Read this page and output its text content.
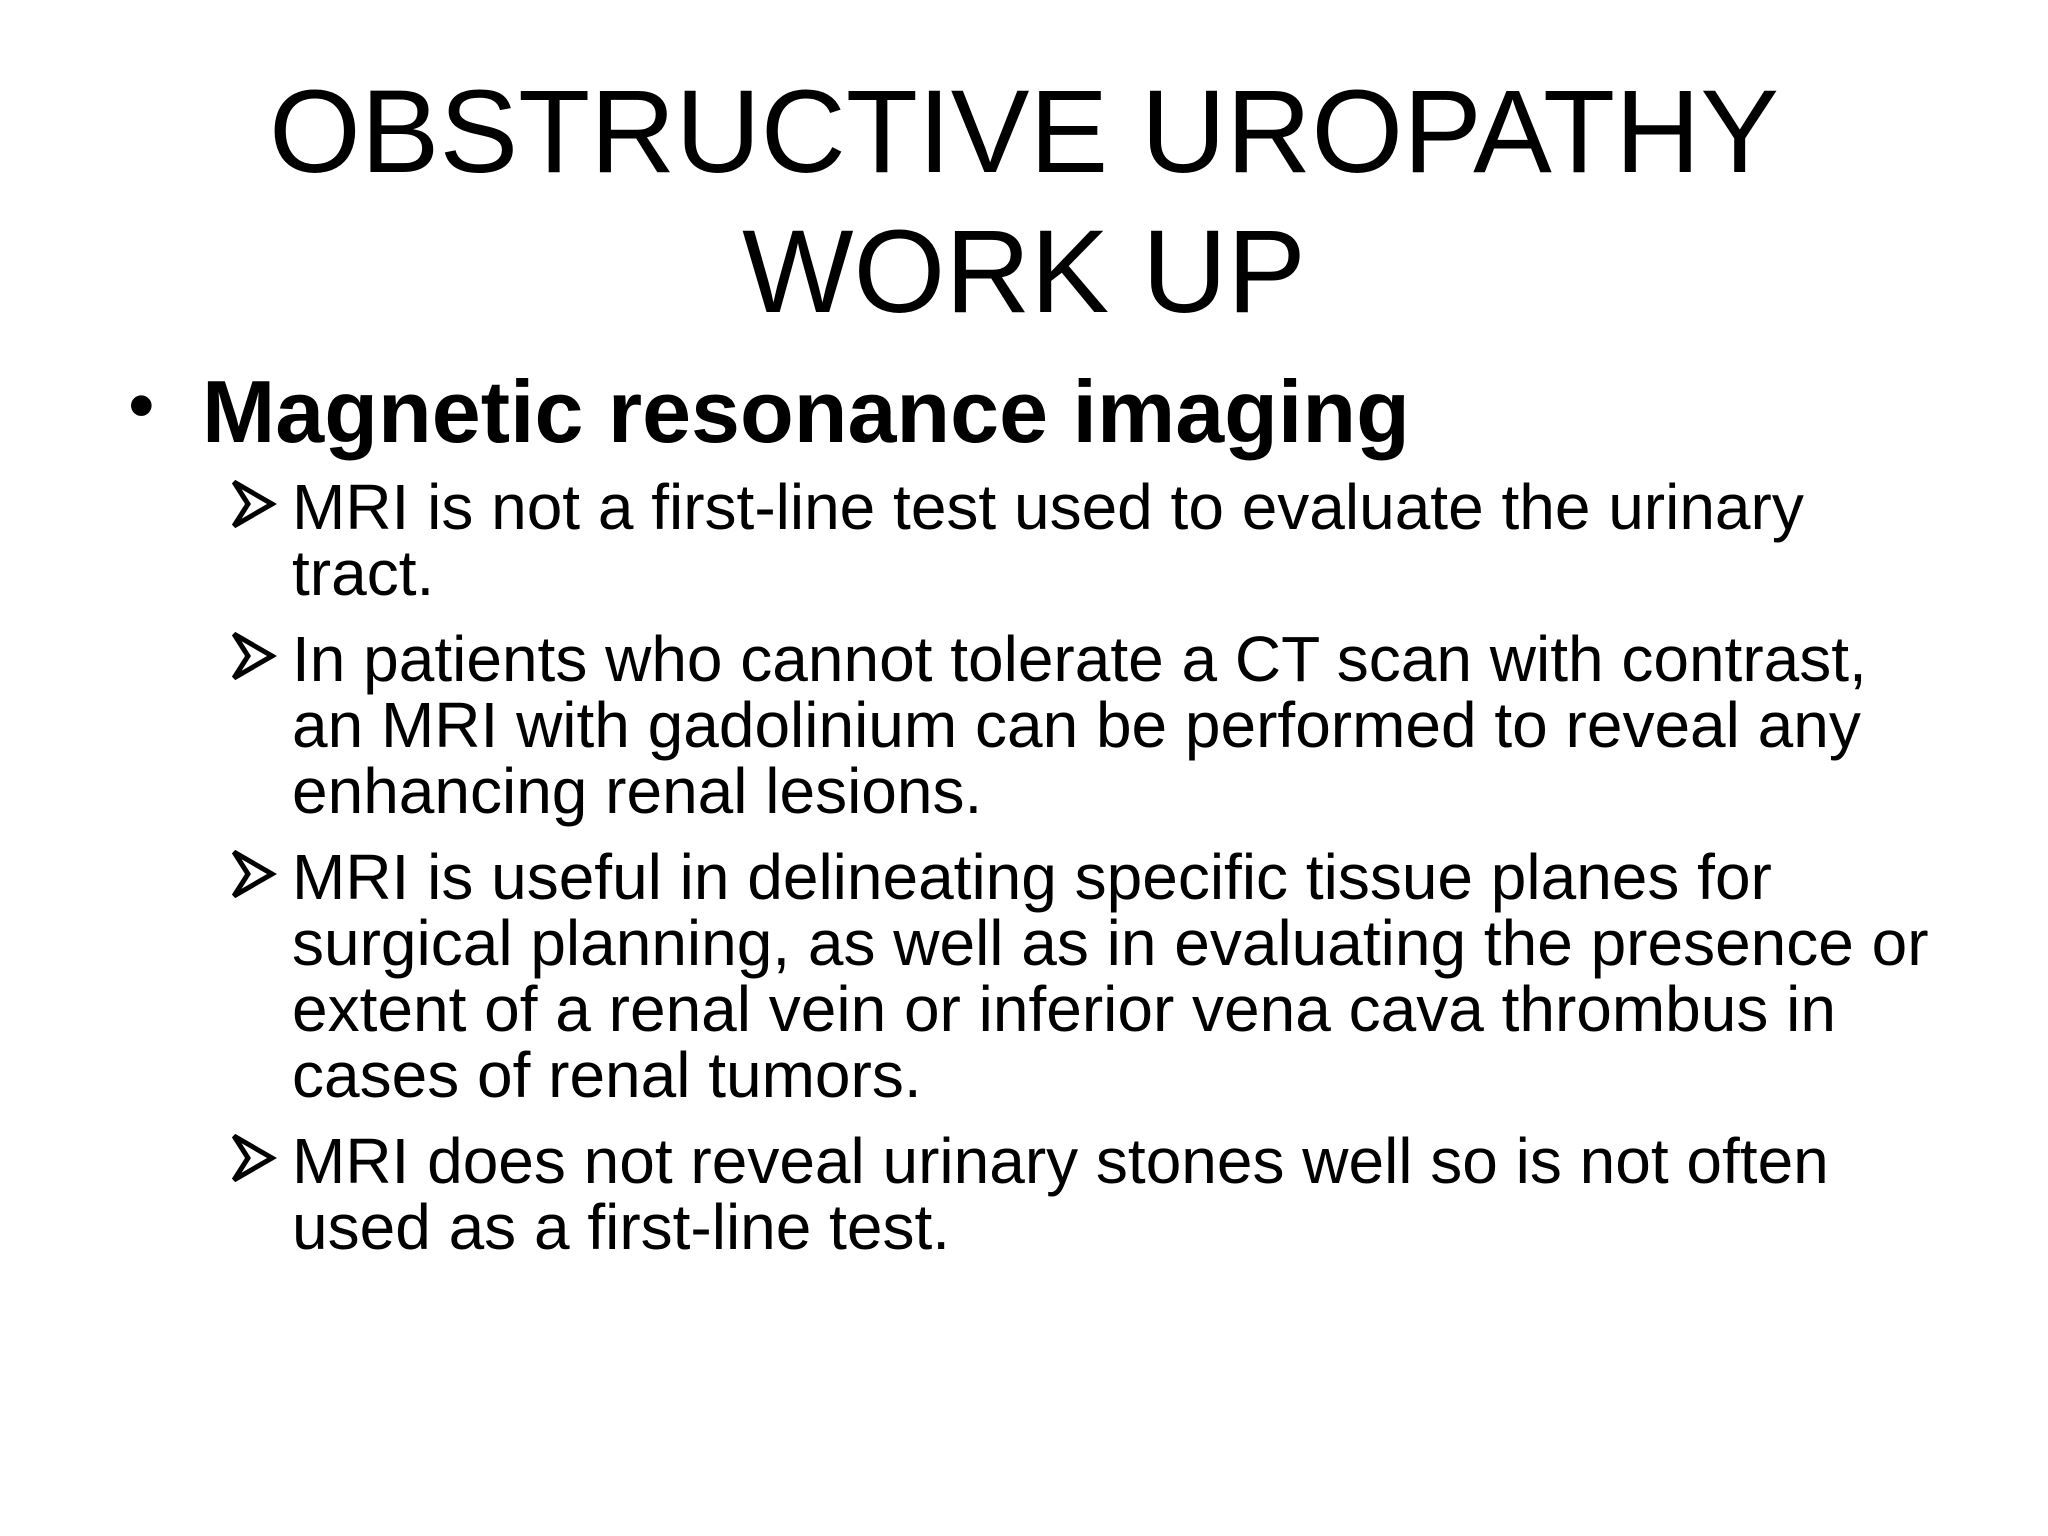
OBSTRUCTIVE UROPATHY
WORK UP
• Magnetic resonance imaging
MRI is not a first-line test used to evaluate the urinary tract.
In patients who cannot tolerate a CT scan with contrast, an MRI with gadolinium can be performed to reveal any enhancing renal lesions.
MRI is useful in delineating specific tissue planes for surgical planning, as well as in evaluating the presence or extent of a renal vein or inferior vena cava thrombus in cases of renal tumors.
MRI does not reveal urinary stones well so is not often used as a first-line test.
